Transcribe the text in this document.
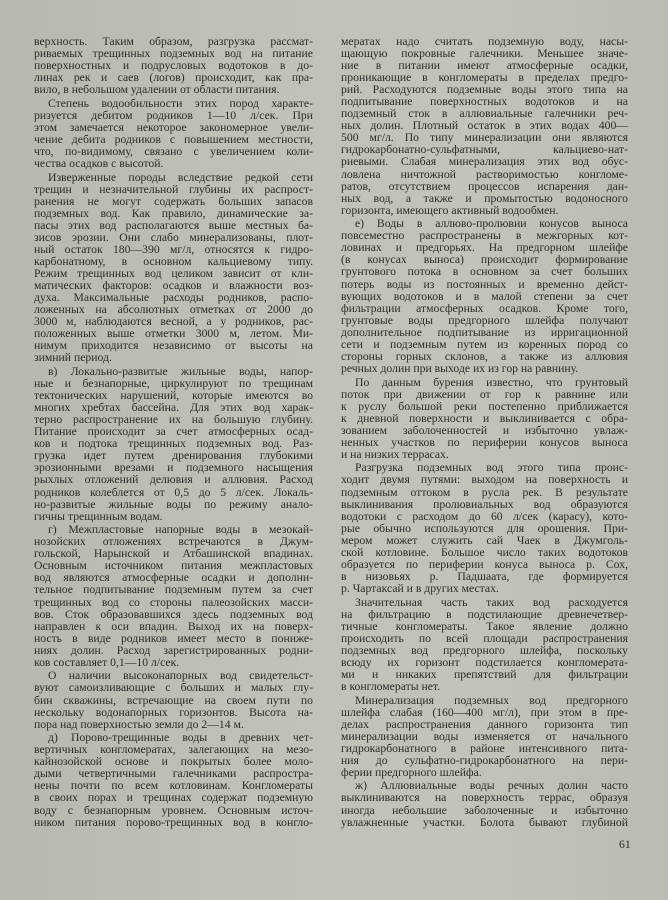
верхность. Таким образом, разгрузка рассмат-
риваемых трещинных подземных вод на питание
поверхностных и подрусловых водотоков в до-
линах рек и саев (логов) происходит, как пра-
вило, в небольшом удалении от области питания.
Степень водообильности этих пород характе-
ризуется дебитом родников 1—10 л/сек. При
этом замечается некоторое закономерное увели-
чение дебита родников с повышением местности,
что, по-видимому, связано с увеличением коли-
чества осадков с высотой.
Изверженные породы вследствие редкой сети
трещин и незначительной глубины их распрост-
ранения не могут содержать больших запасов
подземных вод. Как правило, динамические за-
пасы этих вод располагаются выше местных ба-
зисов эрозии. Они слабо минерализованы, плот-
ный остаток 180—390 мг/л, относятся к гидро-
карбонатному, в основном кальциевому типу.
Режим трещинных вод целиком зависит от кли-
матических факторов: осадков и влажности воз-
духа. Максимальные расходы родников, распо-
ложенных на абсолютных отметках от 2000 до
3000 м, наблюдаются весной, а у родников, рас-
положенных выше отметки 3000 м, летом. Ми-
нимум приходится независимо от высоты на
зимний период.
в) Локально-развитые жильные воды, напор-
ные и безнапорные, циркулируют по трещинам
тектонических нарушений, которые имеются во
многих хребтах бассейна. Для этих вод харак-
терно распространение их на большую глубину.
Питание происходит за счет атмосферных осад-
ков и подтока трещинных подземных вод. Раз-
грузка идет путем дренирования глубокими
эрозионными врезами и подземного насыщения
рыхлых отложений делювия и аллювия. Расход
родников колеблется от 0,5 до 5 л/сек. Локаль-
но-развитые жильные воды по режиму анало-
гичны трещинным водам.
г) Межпластовые напорные воды в мезокай-
нозойских отложениях встречаются в Джум-
гольской, Нарынской и Атбашинской впадинах.
Основным источником питания межпластовых
вод являются атмосферные осадки и дополни-
тельное подпитывание подземным путем за счет
трещинных вод со стороны палеозойских масси-
вов. Сток образовавшихся здесь подземных вод
направлен к оси впадин. Выход их на поверх-
ность в виде родников имеет место в пониже-
ниях долин. Расход зарегистрированных родни-
ков составляет 0,1—10 л/сек.
О наличии высоконапорных вод свидетельст-
вуют самоизливающие с больших и малых глу-
бин скважины, встречающие на своем пути по
нескольку водонапорных горизонтов. Высота на-
пора над поверхностью земли до 2—14 м.
д) Порово-трещинные воды в древних чет-
вертичных конгломератах, залегающих на мезо-
кайнозойской основе и покрытых более моло-
дыми четвертичными галечниками распростра-
нены почти по всем котловинам. Конгломераты
в своих порах и трещинах содержат подземную
воду с безнапорным уровнем. Основным источ-
ником питания порово-трещинных вод в конгло-
мератах надо считать подземную воду, насы-
щающую покровные галечники. Меньшее значе-
ние в питании имеют атмосферные осадки,
проникающие в конгломераты в пределах предго-
рий. Расходуются подземные воды этого типа на
подпитывание поверхностных водотоков и на
подземный сток в аллювиальные галечники реч-
ных долин. Плотный остаток в этих водах 400—
500 мг/л. По типу минерализации они являются
гидрокарбонатно-сульфатными, кальциево-нат-
риевыми. Слабая минерализация этих вод обус-
ловлена ничтожной растворимостью конгломе-
ратов, отсутствием процессов испарения дан-
ных вод, а также и промытостью водоносного
горизонта, имеющего активный водообмен.
е) Воды в аллюво-пролювии конусов выноса
повсеместно распространены в межгорных кот-
ловинах и предгорьях. На предгорном шлейфе
(в конусах выноса) происходит формирование
грунтового потока в основном за счет больших
потерь воды из постоянных и временно дейст-
вующих водотоков и в малой степени за счет
фильтрации атмосферных осадков. Кроме того,
грунтовые воды предгорного шлейфа получают
дополнительное подпитывание из ирригационной
сети и подземным путем из коренных пород со
стороны горных склонов, а также из аллювия
речных долин при выходе их из гор на равнину.
По данным бурения известно, что грунтовый
поток при движении от гор к равнине или
к руслу большой реки постепенно приближается
к дневной поверхности и выклинивается с обра-
зованием заболоченностей и избыточно увлаж-
ненных участков по периферии конусов выноса
и на низких террасах.
Разгрузка подземных вод этого типа проис-
ходит двумя путями: выходом на поверхность и
подземным оттоком в русла рек. В результате
выклинивания пролювиальных вод образуются
водотоки с расходом до 60 л/сек (карасу), кото-
рые обычно используются для орошения. При-
мером может служить сай Чаек в Джумголь-
ской котловине. Большое число таких водотоков
образуется по периферии конуса выноса р. Сох,
в низовьях р. Падшаата, где формируется
р. Чартаксай и в других местах.
Значительная часть таких вод расходуется
на фильтрацию в подстилающие древнечетвер-
тичные конгломераты. Такое явление должно
происходить по всей площади распространения
подземных вод предгорного шлейфа, поскольку
всюду их горизонт подстилается конгломерата-
ми и никаких препятствий для фильтрации
в конгломераты нет.
Минерализация подземных вод предгорного
шлейфа слабая (160—400 мг/л), при этом в пре-
делах распространения данного горизонта тип
минерализации воды изменяется от начального
гидрокарбонатного в районе интенсивного пита-
ния до сульфатно-гидрокарбонатного на пери-
ферии предгорного шлейфа.
ж) Аллювиальные воды речных долин часто
выклиниваются на поверхность террас, образуя
иногда небольшие заболоченные и избыточно
увлажненные участки. Болота бывают глубиной
61
